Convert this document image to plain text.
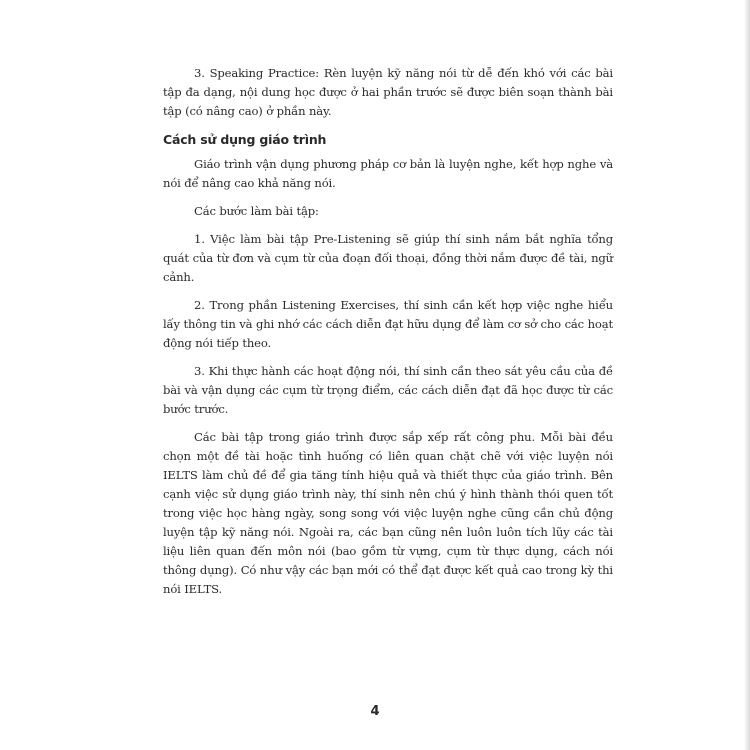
3. Speaking Practice: Rèn luyện kỹ năng nói từ dễ đến khó với các bài tập đa dạng, nội dung học được ở hai phần trước sẽ được biên soạn thành bài tập (có nâng cao) ở phần này.

Cách sử dụng giáo trình

Giáo trình vận dụng phương pháp cơ bản là luyện nghe, kết hợp nghe và nói để nâng cao khả năng nói.

Các bước làm bài tập:

1. Việc làm bài tập Pre-Listening sẽ giúp thí sinh nắm bắt nghĩa tổng quát của từ đơn và cụm từ của đoạn đối thoại, đồng thời nắm được đề tài, ngữ cảnh.

2. Trong phần Listening Exercises, thí sinh cần kết hợp việc nghe hiểu lấy thông tin và ghi nhớ các cách diễn đạt hữu dụng để làm cơ sở cho các hoạt động nói tiếp theo.

3. Khi thực hành các hoạt động nói, thí sinh cần theo sát yêu cầu của đề bài và vận dụng các cụm từ trọng điểm, các cách diễn đạt đã học được từ các bước trước.

Các bài tập trong giáo trình được sắp xếp rất công phu. Mỗi bài đều chọn một đề tài hoặc tình huống có liên quan chặt chẽ với việc luyện nói IELTS làm chủ đề để gia tăng tính hiệu quả và thiết thực của giáo trình. Bên cạnh việc sử dụng giáo trình này, thí sinh nên chú ý hình thành thói quen tốt trong việc học hàng ngày, song song với việc luyện nghe cũng cần chủ động luyện tập kỹ năng nói. Ngoài ra, các bạn cũng nên luôn luôn tích lũy các tài liệu liên quan đến môn nói (bao gồm từ vựng, cụm từ thực dụng, cách nói thông dụng). Có như vậy các bạn mới có thể đạt được kết quả cao trong kỳ thi nói IELTS.

4
